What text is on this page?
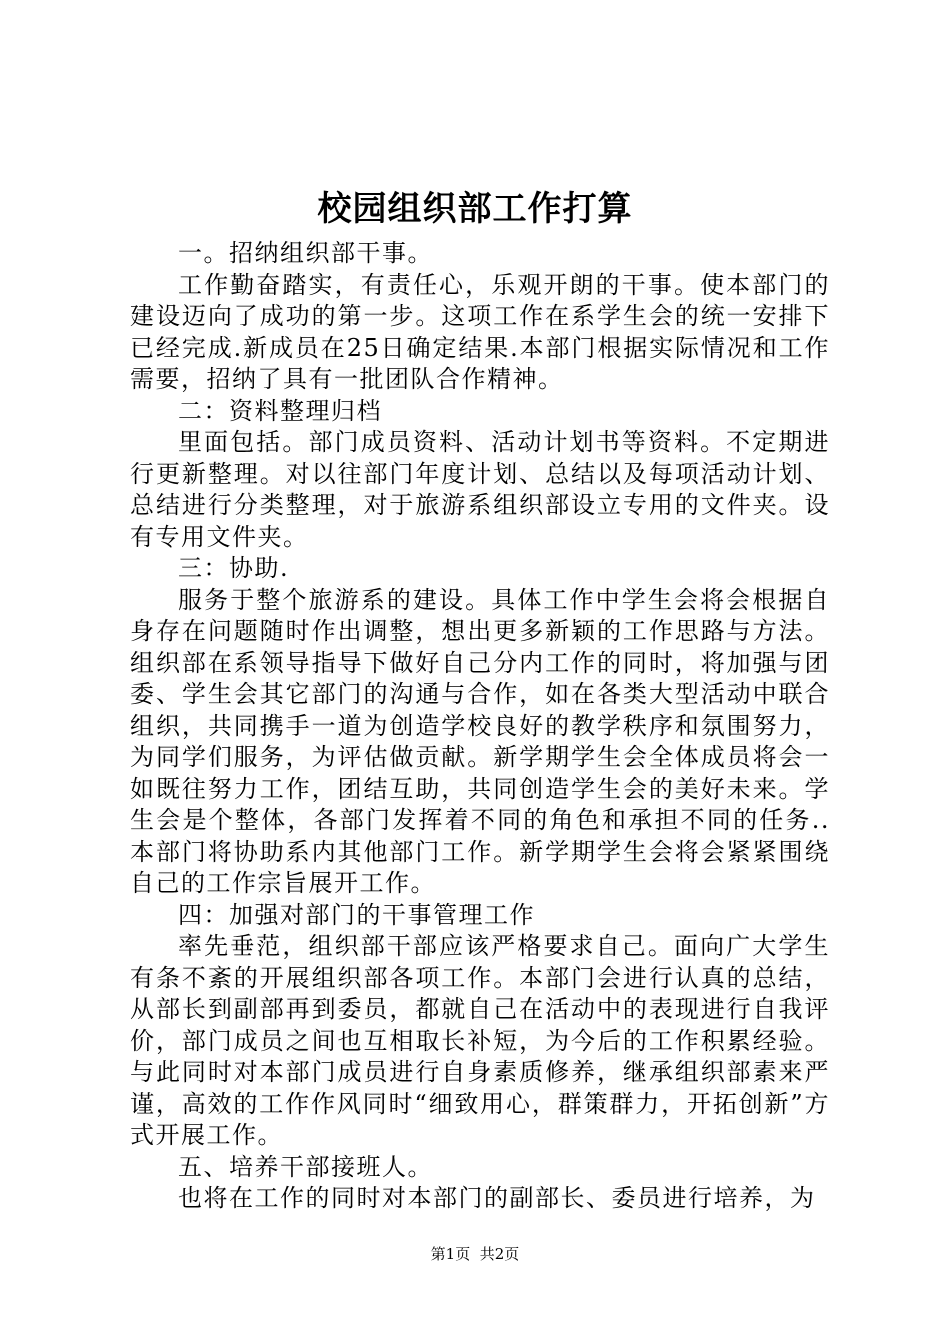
校园组织部工作打算

一。招纳组织部干事。

工作勤奋踏实，有责任心，乐观开朗的干事。使本部门的建设迈向了成功的第一步。这项工作在系学生会的统一安排下已经完成.新成员在25日确定结果.本部门根据实际情况和工作需要，招纳了具有一批团队合作精神。

二：资料整理归档

里面包括。部门成员资料、活动计划书等资料。不定期进行更新整理。对以往部门年度计划、总结以及每项活动计划、总结进行分类整理，对于旅游系组织部设立专用的文件夹。设有专用文件夹。

三：协助.

服务于整个旅游系的建设。具体工作中学生会将会根据自身存在问题随时作出调整，想出更多新颖的工作思路与方法。组织部在系领导指导下做好自己分内工作的同时，将加强与团委、学生会其它部门的沟通与合作，如在各类大型活动中联合组织，共同携手一道为创造学校良好的教学秩序和氛围努力，为同学们服务，为评估做贡献。新学期学生会全体成员将会一如既往努力工作，团结互助，共同创造学生会的美好未来。学生会是个整体，各部门发挥着不同的角色和承担不同的任务..本部门将协助系内其他部门工作。新学期学生会将会紧紧围绕自己的工作宗旨展开工作。

四：加强对部门的干事管理工作

率先垂范，组织部干部应该严格要求自己。面向广大学生有条不紊的开展组织部各项工作。本部门会进行认真的总结，从部长到副部再到委员，都就自己在活动中的表现进行自我评价，部门成员之间也互相取长补短，为今后的工作积累经验。与此同时对本部门成员进行自身素质修养，继承组织部素来严谨，高效的工作作风同时“细致用心，群策群力，开拓创新”方式开展工作。

五、培养干部接班人。

也将在工作的同时对本部门的副部长、委员进行培养，为

第1页 共2页
